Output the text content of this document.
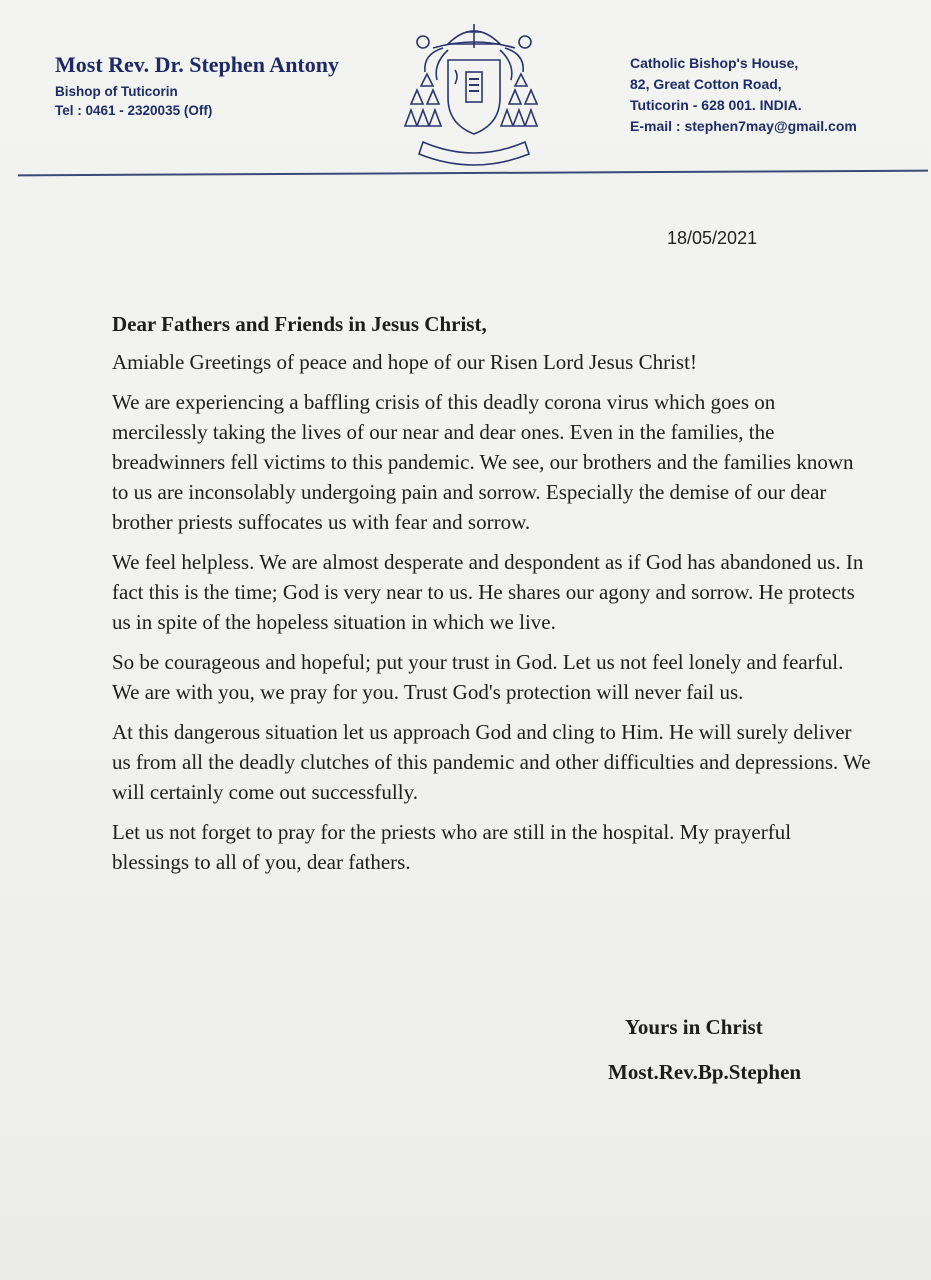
Most Rev. Dr. Stephen Antony
Bishop of Tuticorin
Tel : 0461 - 2320035 (Off)
Catholic Bishop's House,
82, Great Cotton Road,
Tuticorin - 628 001. INDIA.
E-mail : stephen7may@gmail.com
18/05/2021
Dear Fathers and Friends in Jesus Christ,

Amiable Greetings of peace and hope of our Risen Lord Jesus Christ!

We are experiencing a baffling crisis of this deadly corona virus which goes on mercilessly taking the lives of our near and dear ones. Even in the families, the breadwinners fell victims to this pandemic. We see, our brothers and the families known to us are inconsolably undergoing pain and sorrow. Especially the demise of our dear brother priests suffocates us with fear and sorrow.

We feel helpless. We are almost desperate and despondent as if God has abandoned us. In fact this is the time; God is very near to us. He shares our agony and sorrow. He protects us in spite of the hopeless situation in which we live.

So be courageous and hopeful; put your trust in God. Let us not feel lonely and fearful. We are with you, we pray for you. Trust God's protection will never fail us.

At this dangerous situation let us approach God and cling to Him. He will surely deliver us from all the deadly clutches of this pandemic and other difficulties and depressions. We will certainly come out successfully.

Let us not forget to pray for the priests who are still in the hospital. My prayerful blessings to all of you, dear fathers.

Yours in Christ
Most.Rev.Bp.Stephen
